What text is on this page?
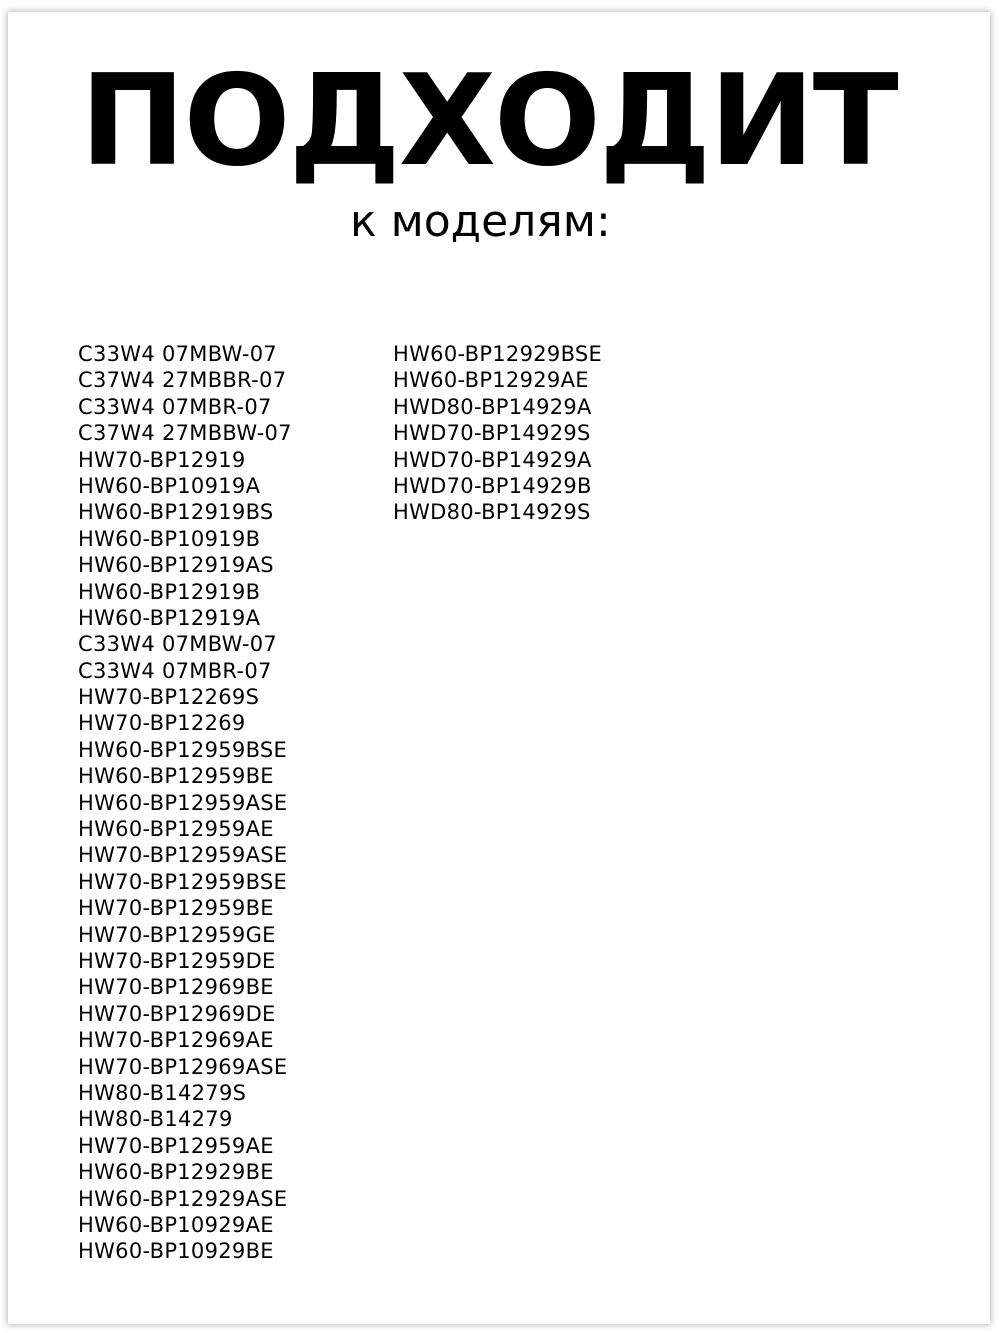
ПОДХОДИТ
к моделям:
C33W4 07MBW-07
C37W4 27MBBR-07
C33W4 07MBR-07
C37W4 27MBBW-07
HW70-BP12919
HW60-BP10919A
HW60-BP12919BS
HW60-BP10919B
HW60-BP12919AS
HW60-BP12919B
HW60-BP12919A
C33W4 07MBW-07
C33W4 07MBR-07
HW70-BP12269S
HW70-BP12269
HW60-BP12959BSE
HW60-BP12959BE
HW60-BP12959ASE
HW60-BP12959AE
HW70-BP12959ASE
HW70-BP12959BSE
HW70-BP12959BE
HW70-BP12959GE
HW70-BP12959DE
HW70-BP12969BE
HW70-BP12969DE
HW70-BP12969AE
HW70-BP12969ASE
HW80-B14279S
HW80-B14279
HW70-BP12959AE
HW60-BP12929BE
HW60-BP12929ASE
HW60-BP10929AE
HW60-BP10929BE
HW60-BP12929BSE
HW60-BP12929AE
HWD80-BP14929A
HWD70-BP14929S
HWD70-BP14929A
HWD70-BP14929B
HWD80-BP14929S
